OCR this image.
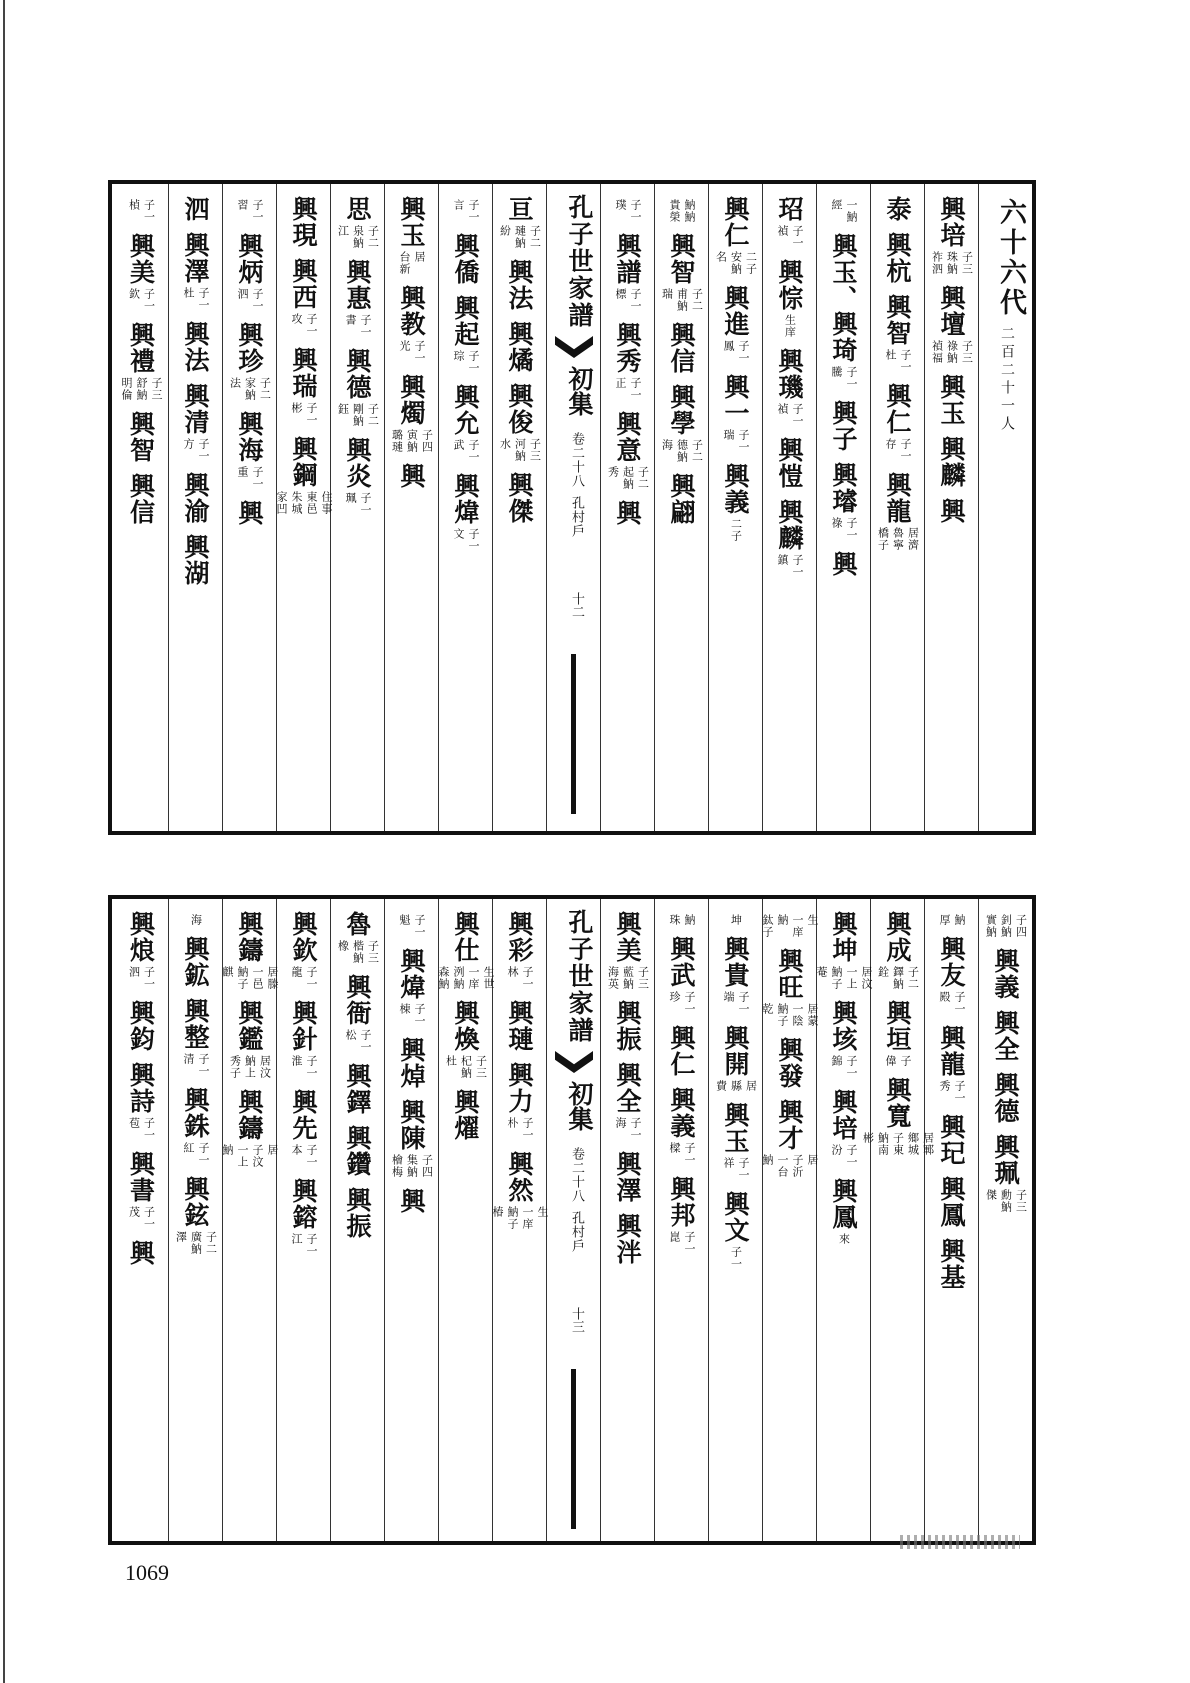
六十六代
二百二十一人
興培
子三
珠魶
祚泗
興壇
子三
祿魶
禎福
興玉
興麟
興
泰
興杭
興智
子一
杜
興仁
子一
存
興龍
居濟
魯寧
橋子
一魶
經
興玉、興琦
子一
騰
興子
興璿
子一
祿
興
玿
子一
禎
興悰
生庠
興璣
子一
禎
興愷
興麟
子一
鎮
興仁
二子
安魶
名
興進
子一
鳳
興一
子一
瑞
興義
二子
魶魶
貴榮
興智
子二
甫魶
瑞
興信
興學
子二
德魶
海
興翩
子一
璞
興譜
子一
標
興秀
子一
正
興意
子二
起魶
秀
興
孔子世家譜
初集
卷二十八
孔村戶
十二
亘
子二
璉魶
紛
興法
興燏
興俊
子三
河魶
水
興傑
子一
言
興僑
興起
子一
琮
興允
子一
武
興煒
子一
文
興玉
居
台新
興教
子一
光
興燭
子四
寅魶
璐璉
興
思
子二
泉魶
江
興惠
子一
書
興德
子二
剛魶
鈺
興炎
子一
珮
興現
興西
子一
攻
興瑞
子一
彬
興鋼
住事
東邑
朱城
家凹
子一
習
興炳
子一
泗
興珍
子二
家魶
法
興海
子一
重
興
泗
興澤
子一
杜
興法
興清
子一
方
興渝
興湖
子一
楨
興美
子一
欽
興禮
子三
舒魶
明倫
興智
興信
子四
釗魶
實魶
興義
興全
興德
興珮
子三
勳魶
傑
魶
厚
興友
子一
殿
興龍
子一
秀
興玘
興鳳
興基
興成
子二
鐸魶
銓
興垣
子
偉
興寬
居鄆
鄉城
子東
魶南
彬
興坤
居汶
一上
魶子
菴
興垓
子一
錦
興培
子一
汾
興鳳
來
生
一庠
魶
鈦子
興旺
居蒙
一陰
魶子
乾
興發
興才
居
子沂
一台
魶
坤
興貴
子一
端
興開
居
縣
費
興玉
子一
祥
興文
子一
魶
珠
興武
子一
珍
興仁
興義
子一
樑
興邦
子一
崑
興美
子三
藍魶
海英
興振
興全
子一
海
興澤
興泮
孔子世家譜
初集
卷二十八
孔村戶
十三
興彩
子一
林
興璉
興力
子一
朴
興然
生
一庠
魶子
椿
興仕
生世
一庠
洌魶
森魶
興煥
子三
杞魶
杜
興燿
子一
魁
興煒
子一
棟
興焯
興陳
子四
集魶
檜梅
興
魯
子三
楷魶
橡
興衙
子一
松
興鐸
興鑽
興振
興欽
子一
龍
興針
子一
淮
興先
子一
本
興鎔
子一
江
興鑄
居滕
一邑
魶子
麒
興鑑
居汶
魶上
秀子
興鑄
居
子汶
一上
魶
海
興鉱
興整
子一
清
興銖
子一
紅
興鉉
子二
廣魶
澤
興烺
子一
泗
興鈞
興詩
子一
苞
興書
子一
茂
興
1069
